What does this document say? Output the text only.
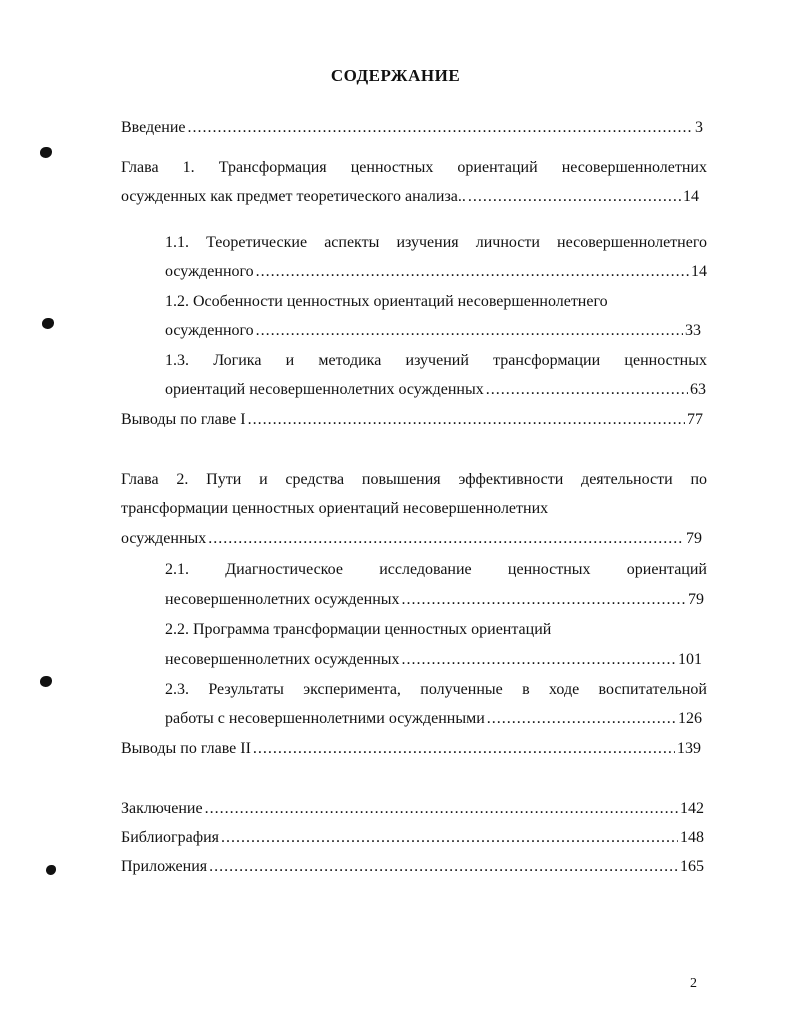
СОДЕРЖАНИЕ
Введение .....	3
Глава 1. Трансформация ценностных ориентаций несовершеннолетних
осужденных как предмет теоретического анализа.. .....	14
1.1. Теоретические аспекты изучения личности несовершеннолетнего
осужденного .....	14
1.2. Особенности ценностных ориентаций несовершеннолетнего
осужденного .....	33
1.3. Логика и методика изучений трансформации ценностных
ориентаций несовершеннолетних осужденных .....	63
Выводы по главе I .....	77
Глава 2. Пути и средства повышения эффективности деятельности по
трансформации ценностных ориентаций несовершеннолетних
осужденных .....	79
2.1. Диагностическое исследование ценностных ориентаций
несовершеннолетних осужденных .....	79
2.2. Программа трансформации ценностных ориентаций
несовершеннолетних осужденных .....	101
2.3. Результаты эксперимента, полученные в ходе воспитательной
работы с несовершеннолетними осужденными .....	126
Выводы по главе II .....	139
Заключение .....	142
Библиография .....	148
Приложения .....	165
2
